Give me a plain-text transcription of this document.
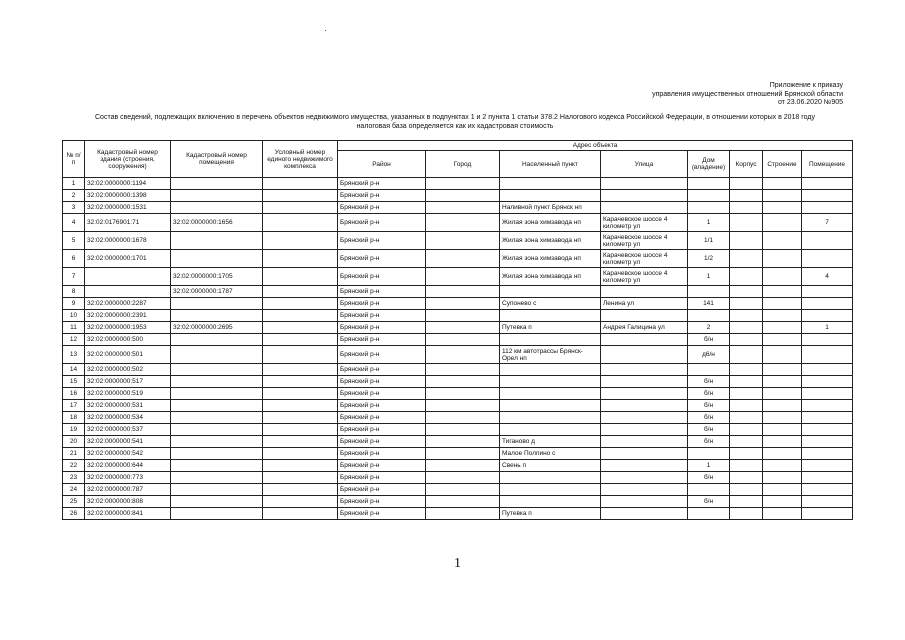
Приложение к приказу
управления имущественных отношений Брянской области
от 23.06.2020 №905
Состав сведений, подлежащих включению в перечень объектов недвижимого имущества, указанных в подпунктах 1 и 2 пункта 1 статьи 378.2 Налогового кодекса Российской Федерации, в отношении которых в 2018 году
налоговая база определяется как их кадастровая стоимость
№ п/п	Кадастровый номер здания (строения, сооружения)	Кадастровый номер помещения	Условный номер единого недвижимого комплекса	Адрес объекта							
				Район	Город	Населенный пункт	Улица	Дом (владение)	Корпус	Строение	Помещение
1	32:02:0000000:1194			Брянский р-н							
2	32:02:0000000:1398			Брянский р-н							
3	32:02:0000000:1531			Брянский р-н		Наливной пункт Брянск нп					
4	32:02:0176901:71	32:02:0000000:1656		Брянский р-н		Жилая зона химзавода нп	Карачевское шоссе 4 километр ул	1			7
5	32:02:0000000:1678			Брянский р-н		Жилая зона химзавода нп	Карачевское шоссе 4 километр ул	1/1			
6	32:02:0000000:1701			Брянский р-н		Жилая зона химзавода нп	Карачевское шоссе 4 километр ул	1/2			
7		32:02:0000000:1705		Брянский р-н		Жилая зона химзавода нп	Карачевское шоссе 4 километр ул	1			4
8		32:02:0000000:1787		Брянский р-н							
9	32:02:0000000:2287			Брянский р-н		Супонево с	Ленина ул	141			
10	32:02:0000000:2391			Брянский р-н							
11	32:02:0000000:1953	32:02:0000000:2695		Брянский р-н		Путевка п	Андрея Галицина ул	2			1
12	32:02:0000000:500			Брянский р-н				б/н			
13	32:02:0000000:501			Брянский р-н		112 км автотрассы Брянск-Орел нп		д6/н			
14	32:02:0000000:502			Брянский р-н							
15	32:02:0000000:517			Брянский р-н				б/н			
16	32:02:0000000:519			Брянский р-н				б/н			
17	32:02:0000000:531			Брянский р-н				б/н			
18	32:02:0000000:534			Брянский р-н				б/н			
19	32:02:0000000:537			Брянский р-н				б/н			
20	32:02:0000000:541			Брянский р-н		Тиганово д		б/н			
21	32:02:0000000:542			Брянский р-н		Малое Полпино с					
22	32:02:0000000:644			Брянский р-н		Свень п		1			
23	32:02:0000000:773			Брянский р-н				б/н			
24	32:02:0000000:787			Брянский р-н							
25	32:02:0000000:808			Брянский р-н				б/н			
26	32:02:0000000:841			Брянский р-н		Путевка п					
1
